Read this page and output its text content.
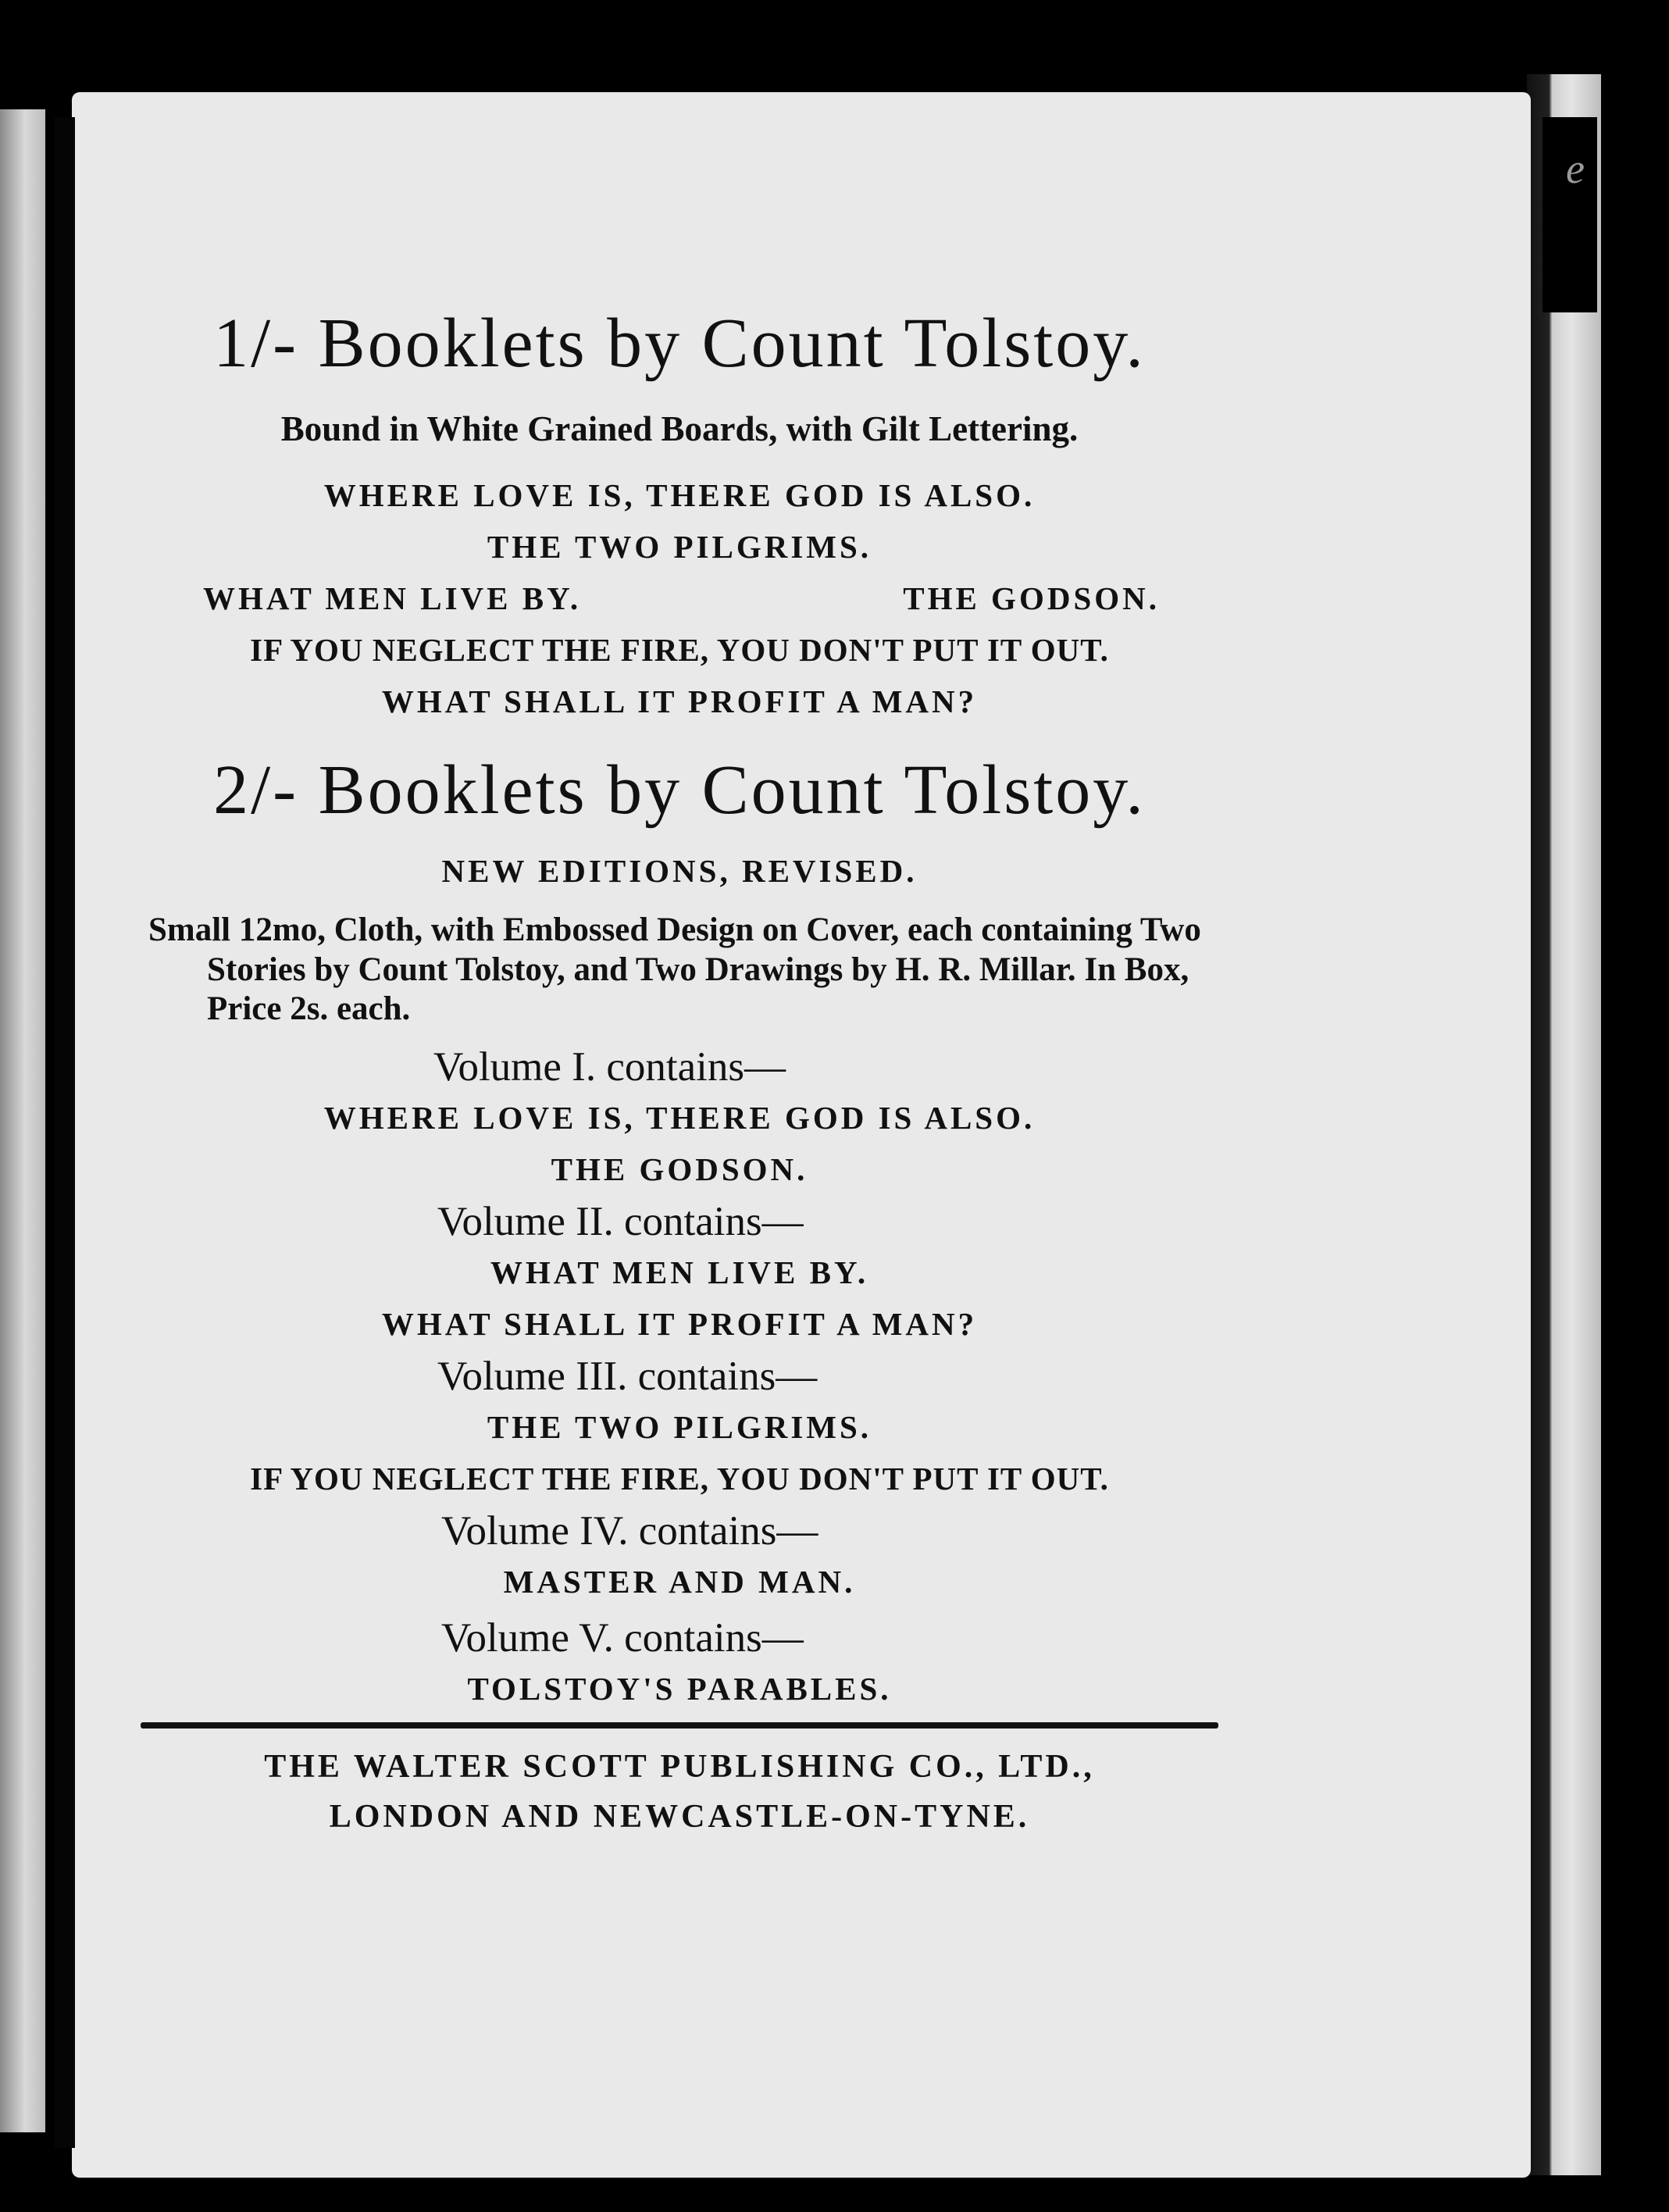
e
1/- Booklets by Count Tolstoy.
Bound in White Grained Boards, with Gilt Lettering.
WHERE LOVE IS, THERE GOD IS ALSO.
THE TWO PILGRIMS.
WHAT MEN LIVE BY.	THE GODSON.
IF YOU NEGLECT THE FIRE, YOU DON'T PUT IT OUT.
WHAT SHALL IT PROFIT A MAN?
2/- Booklets by Count Tolstoy.
NEW EDITIONS, REVISED.
Small 12mo, Cloth, with Embossed Design on Cover, each containing Two Stories by Count Tolstoy, and Two Drawings by H. R. Millar. In Box, Price 2s. each.
Volume I. contains—
WHERE LOVE IS, THERE GOD IS ALSO.
THE GODSON.
Volume II. contains—
WHAT MEN LIVE BY.
WHAT SHALL IT PROFIT A MAN?
Volume III. contains—
THE TWO PILGRIMS.
IF YOU NEGLECT THE FIRE, YOU DON'T PUT IT OUT.
Volume IV. contains—
MASTER AND MAN.
Volume V. contains—
TOLSTOY'S PARABLES.
THE WALTER SCOTT PUBLISHING CO., LTD.,
LONDON AND NEWCASTLE-ON-TYNE.
